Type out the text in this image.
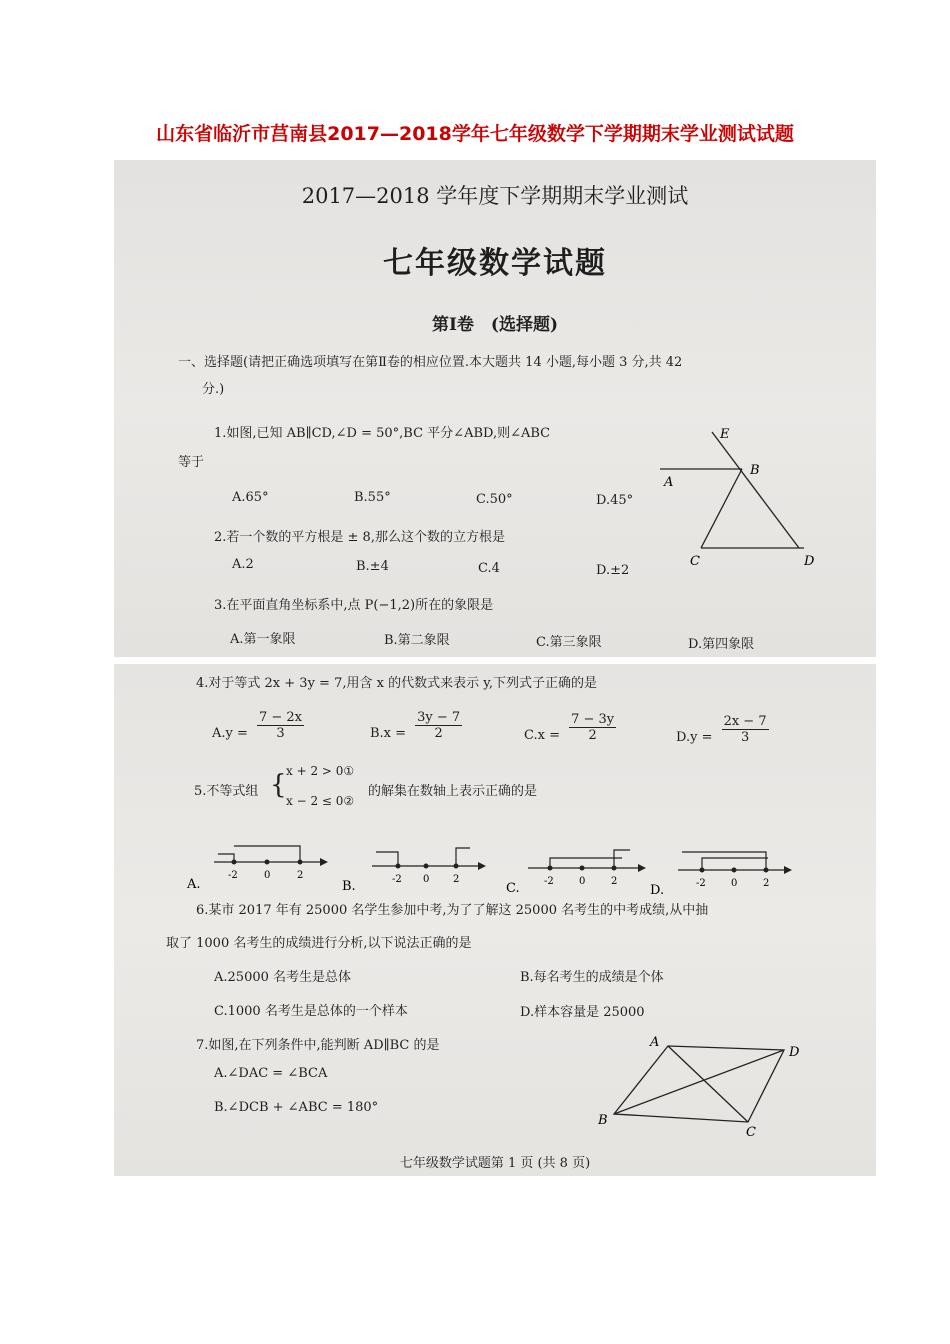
山东省临沂市莒南县2017—2018学年七年级数学下学期期末学业测试试题
2017—2018 学年度下学期期末学业测试
七年级数学试题
第Ⅰ卷　(选择题)
一、选择题(请把正确选项填写在第Ⅱ卷的相应位置.本大题共 14 小题,每小题 3 分,共 42
分.)
1.如图,已知 AB∥CD,∠D = 50°,BC 平分∠ABD,则∠ABC
等于
A.65°	B.55°	C.50°	D.45°
2.若一个数的平方根是 ± 8,那么这个数的立方根是
A.2	B.±4	C.4	D.±2
3.在平面直角坐标系中,点 P(−1,2)所在的象限是
A.第一象限	B.第二象限	C.第三象限	D.第四象限
E
A
B
C	D
4.对于等式 2x + 3y = 7,用含 x 的代数式来表示 y,下列式子正确的是
$_{A.y =} \frac{7 - 2x}{3}$	$_{B.x =} \frac{3y - 7}{2}$	$_{C.x =} \frac{7 - 3y}{2}$	$_{D.y =} \frac{2x - 7}{3}$
5.不等式组 { x + 2 > 0①
x − 2 ≤ 0②
的解集在数轴上表示正确的是
-2	0	2
A.	-2 0 2
B.	-2	0	2
C.	-2	0	2
D.
6.某市 2017 年有 25000 名学生参加中考,为了了解这 25000 名考生的中考成绩,从中抽
取了 1000 名考生的成绩进行分析,以下说法正确的是
A.25000 名考生是总体	B.每名考生的成绩是个体
C.1000 名考生是总体的一个样本	D.样本容量是 25000
7.如图,在下列条件中,能判断 AD∥BC 的是
A.∠DAC = ∠BCA
B.∠DCB + ∠ABC = 180°
A
D
B
C
七年级数学试题第 1 页 (共 8 页)
